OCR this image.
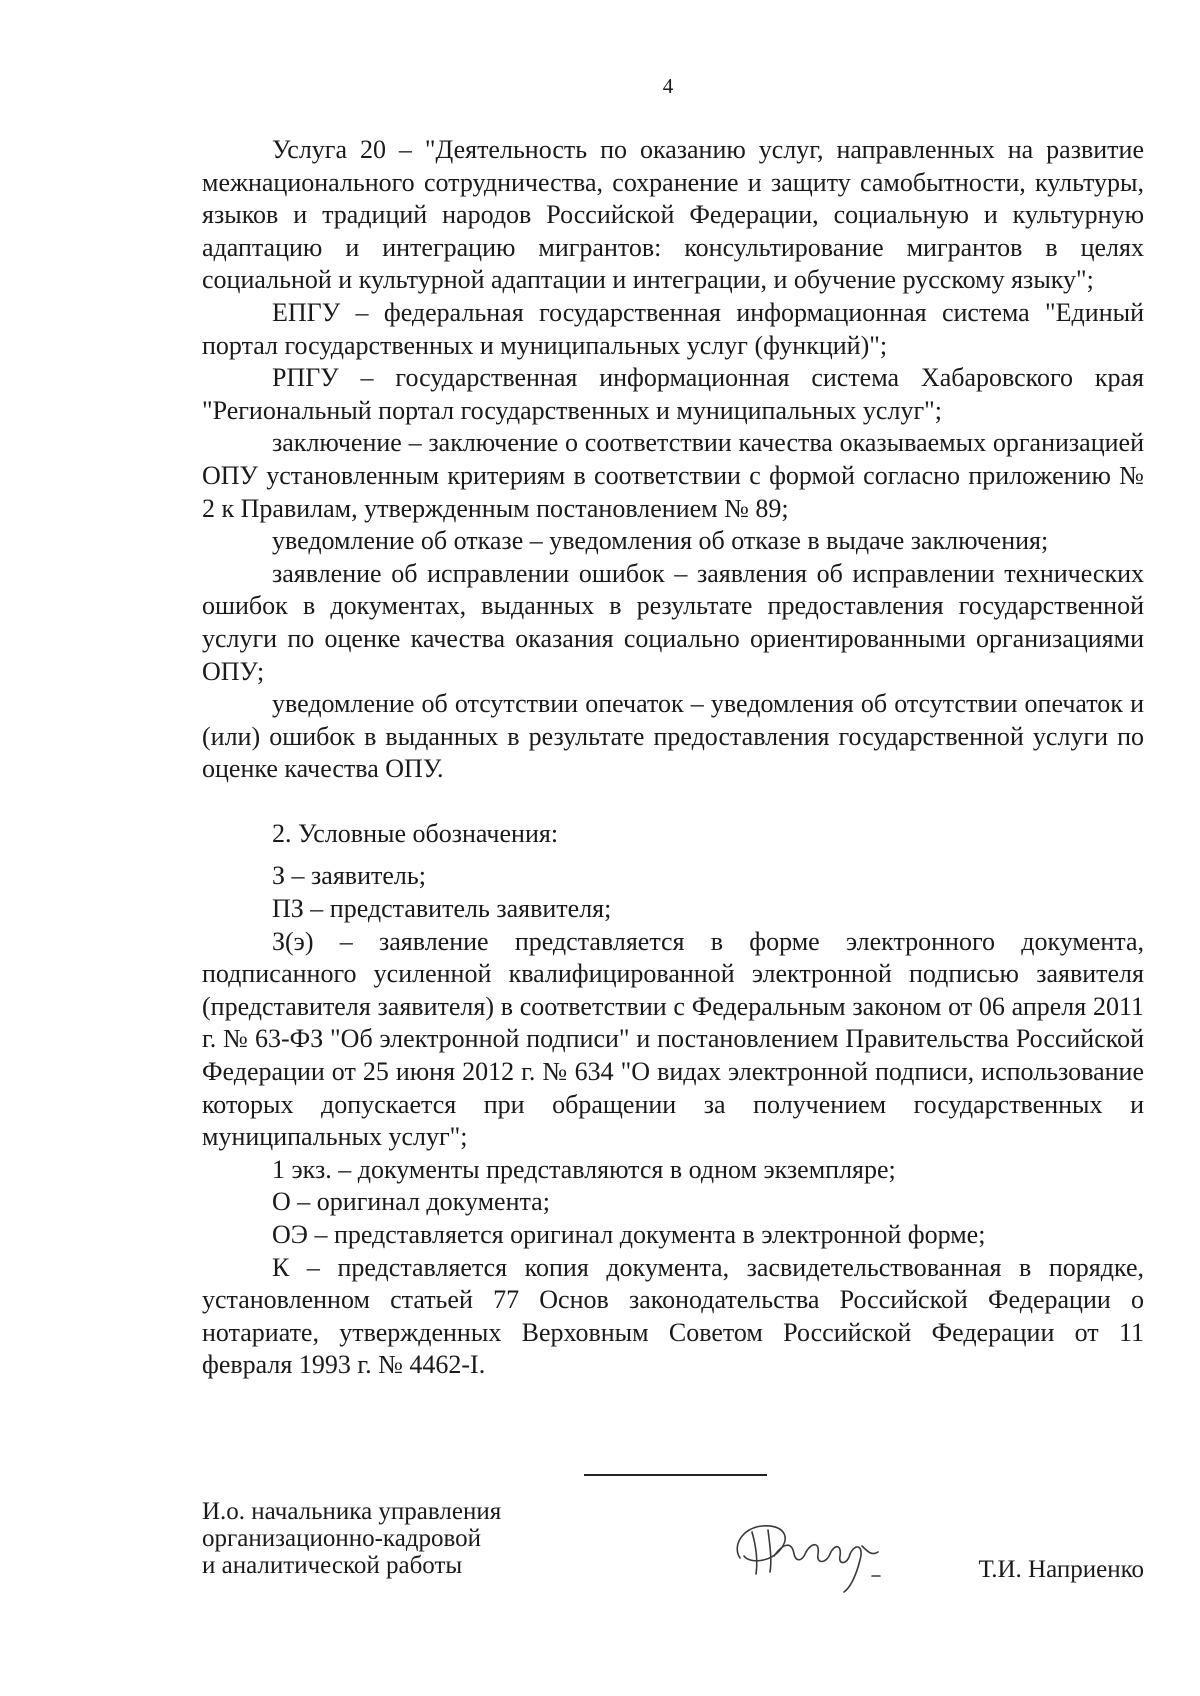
4

Услуга 20 – "Деятельность по оказанию услуг, направленных на развитие межнационального сотрудничества, сохранение и защиту самобытности, культуры, языков и традиций народов Российской Федерации, социальную и культурную адаптацию и интеграцию мигрантов: консультирование мигрантов в целях социальной и культурной адаптации и интеграции, и обучение русскому языку";

ЕПГУ – федеральная государственная информационная система "Единый портал государственных и муниципальных услуг (функций)";

РПГУ – государственная информационная система Хабаровского края "Региональный портал государственных и муниципальных услуг";

заключение – заключение о соответствии качества оказываемых организацией ОПУ установленным критериям в соответствии с формой согласно приложению № 2 к Правилам, утвержденным постановлением № 89;

уведомление об отказе – уведомления об отказе в выдаче заключения;

заявление об исправлении ошибок – заявления об исправлении технических ошибок в документах, выданных в результате предоставления государственной услуги по оценке качества оказания социально ориентированными организациями ОПУ;

уведомление об отсутствии опечаток – уведомления об отсутствии опечаток и (или) ошибок в выданных в результате предоставления государственной услуги по оценке качества ОПУ.

2. Условные обозначения:

З – заявитель;

ПЗ – представитель заявителя;

З(э) – заявление представляется в форме электронного документа, подписанного усиленной квалифицированной электронной подписью заявителя (представителя заявителя) в соответствии с Федеральным законом от 06 апреля 2011 г. № 63-ФЗ "Об электронной подписи" и постановлением Правительства Российской Федерации от 25 июня 2012 г. № 634 "О видах электронной подписи, использование которых допускается при обращении за получением государственных и муниципальных услуг";

1 экз. – документы представляются в одном экземпляре;

О – оригинал документа;

ОЭ – представляется оригинал документа в электронной форме;

К – представляется копия документа, засвидетельствованная в порядке, установленном статьей 77 Основ законодательства Российской Федерации о нотариате, утвержденных Верховным Советом Российской Федерации от 11 февраля 1993 г. № 4462-I.

И.о. начальника управления
организационно-кадровой
и аналитической работы	Т.И. Наприенко
